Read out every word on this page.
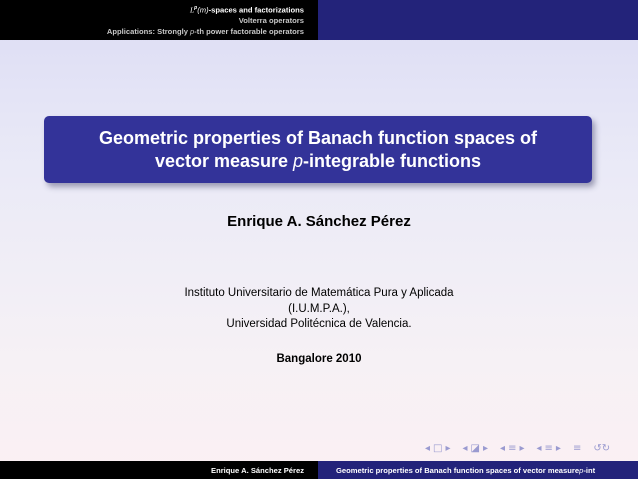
$L^p(m)$-spaces and factorizations
Volterra operators
Applications: Strongly p-th power factorable operators
Geometric properties of Banach function spaces of
vector measure p-integrable functions
Enrique A. Sánchez Pérez
Instituto Universitario de Matemática Pura y Aplicada
(I.U.M.P.A.),
Universidad Politécnica de Valencia.
Bangalore 2010
◂ □ ▸ ◂ ◪ ▸ ◂ ≡ ▸ ◂ ≡ ▸ ≡ ↺↻
Enrique A. Sánchez Pérez	Geometric properties of Banach function spaces of vector measure p -int
